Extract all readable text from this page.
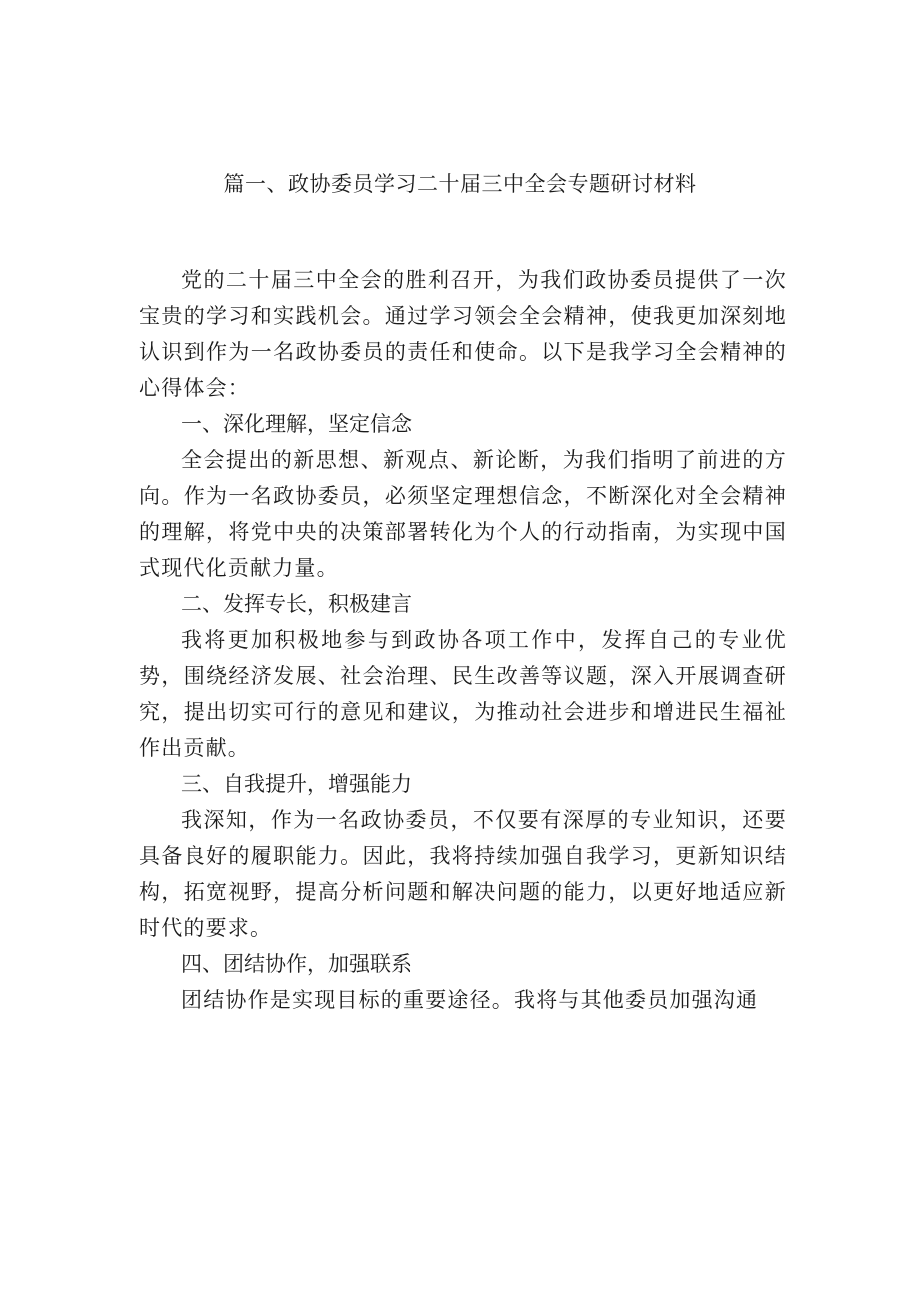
篇一、政协委员学习二十届三中全会专题研讨材料

党的二十届三中全会的胜利召开，为我们政协委员提供了一次宝贵的学习和实践机会。通过学习领会全会精神，使我更加深刻地认识到作为一名政协委员的责任和使命。以下是我学习全会精神的心得体会：

一、深化理解，坚定信念

全会提出的新思想、新观点、新论断，为我们指明了前进的方向。作为一名政协委员，必须坚定理想信念，不断深化对全会精神的理解，将党中央的决策部署转化为个人的行动指南，为实现中国式现代化贡献力量。

二、发挥专长，积极建言

我将更加积极地参与到政协各项工作中，发挥自己的专业优势，围绕经济发展、社会治理、民生改善等议题，深入开展调查研究，提出切实可行的意见和建议，为推动社会进步和增进民生福祉作出贡献。

三、自我提升，增强能力

我深知，作为一名政协委员，不仅要有深厚的专业知识，还要具备良好的履职能力。因此，我将持续加强自我学习，更新知识结构，拓宽视野，提高分析问题和解决问题的能力，以更好地适应新时代的要求。

四、团结协作，加强联系

团结协作是实现目标的重要途径。我将与其他委员加强沟通
